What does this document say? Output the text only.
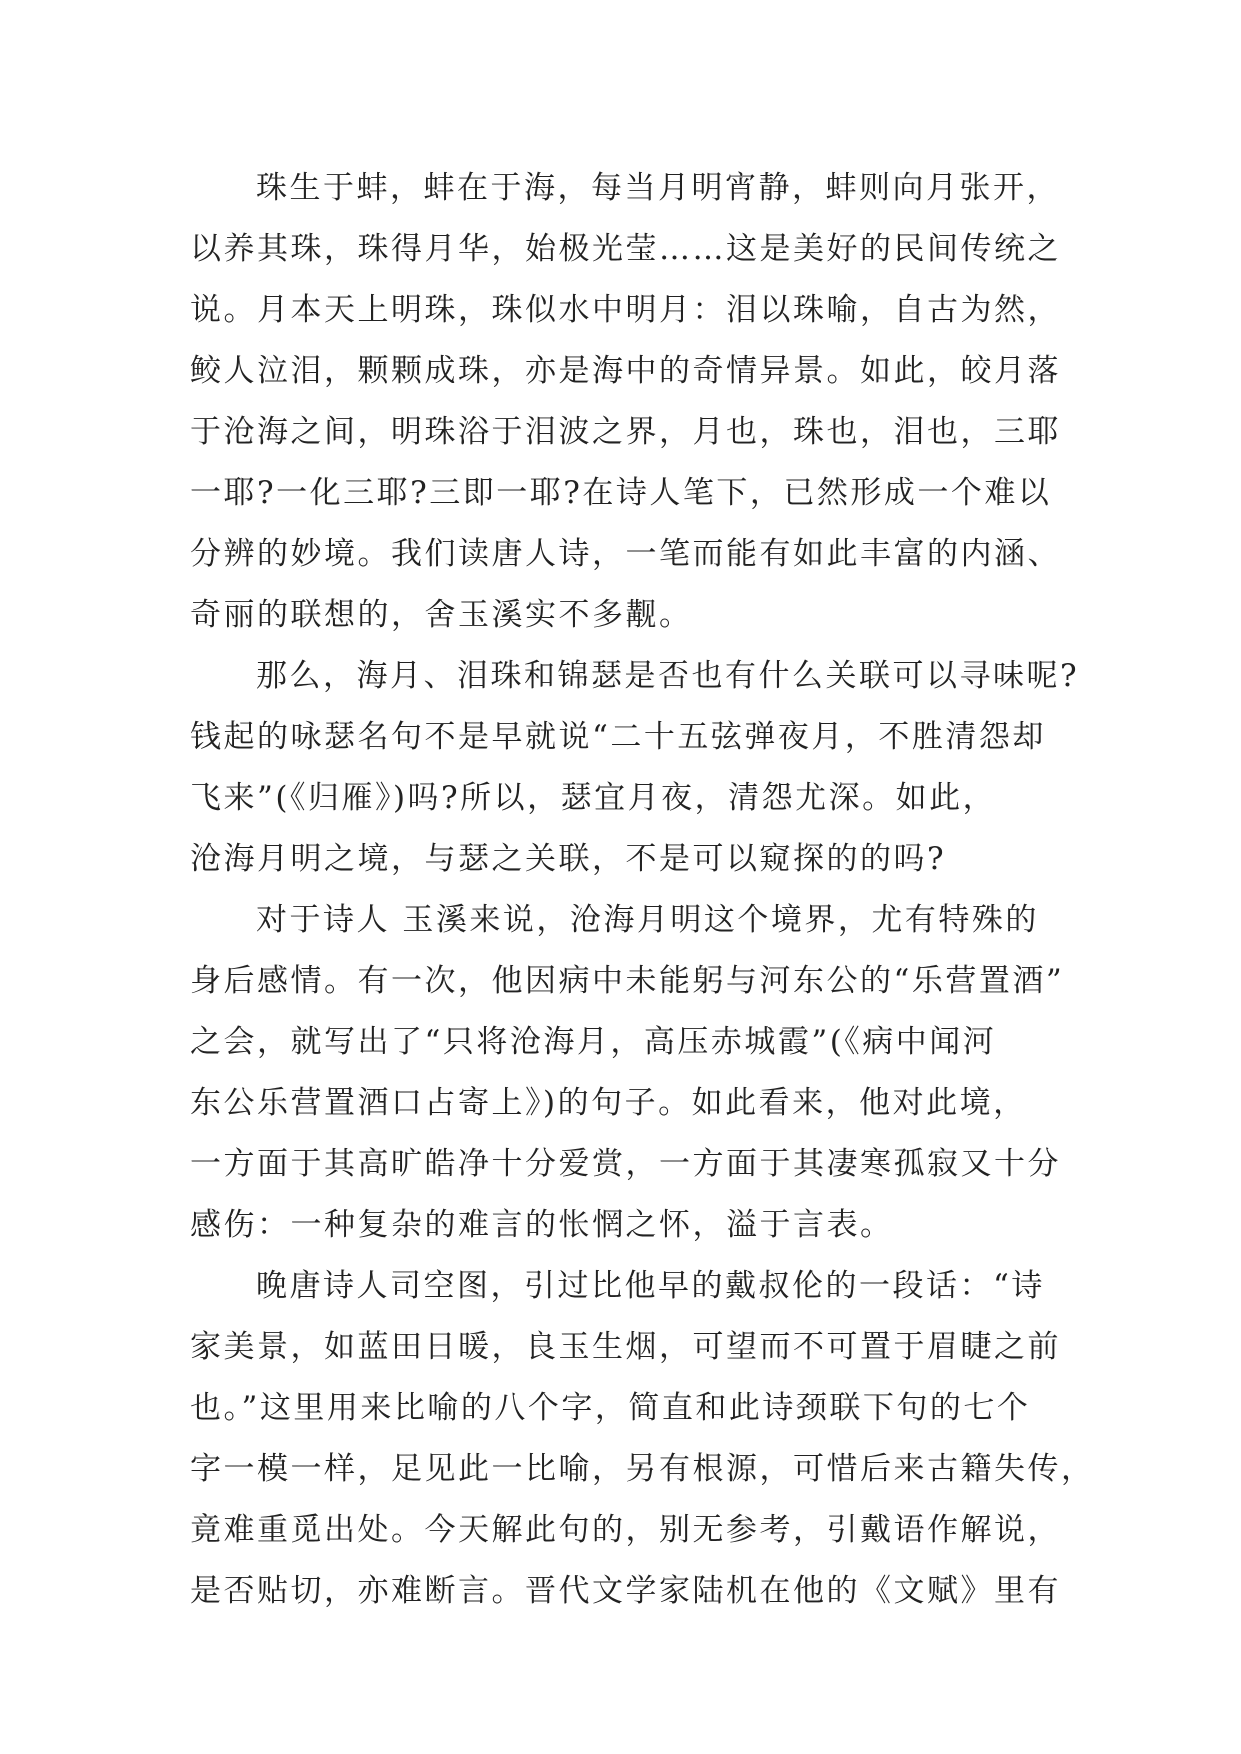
珠生于蚌，蚌在于海，每当月明宵静，蚌则向月张开，
以养其珠，珠得月华，始极光莹……这是美好的民间传统之
说。月本天上明珠，珠似水中明月：泪以珠喻，自古为然，
鲛人泣泪，颗颗成珠，亦是海中的奇情异景。如此，皎月落
于沧海之间，明珠浴于泪波之界，月也，珠也，泪也，三耶
一耶?一化三耶?三即一耶?在诗人笔下，已然形成一个难以
分辨的妙境。我们读唐人诗，一笔而能有如此丰富的内涵、
奇丽的联想的，舍玉溪实不多觏。
那么，海月、泪珠和锦瑟是否也有什么关联可以寻味呢?
钱起的咏瑟名句不是早就说“二十五弦弹夜月，不胜清怨却
飞来”(《归雁》)吗?所以，瑟宜月夜，清怨尤深。如此，
沧海月明之境，与瑟之关联，不是可以窥探的的吗?
对于诗人 玉溪来说，沧海月明这个境界，尤有特殊的
身后感情。有一次，他因病中未能躬与河东公的“乐营置酒”
之会，就写出了“只将沧海月，高压赤城霞”(《病中闻河
东公乐营置酒口占寄上》)的句子。如此看来，他对此境，
一方面于其高旷皓净十分爱赏，一方面于其凄寒孤寂又十分
感伤：一种复杂的难言的怅惘之怀，溢于言表。
晚唐诗人司空图，引过比他早的戴叔伦的一段话：“诗
家美景，如蓝田日暖，良玉生烟，可望而不可置于眉睫之前
也。”这里用来比喻的八个字，简直和此诗颈联下句的七个
字一模一样，足见此一比喻，另有根源，可惜后来古籍失传，
竟难重觅出处。今天解此句的，别无参考，引戴语作解说，
是否贴切，亦难断言。晋代文学家陆机在他的《文赋》里有
